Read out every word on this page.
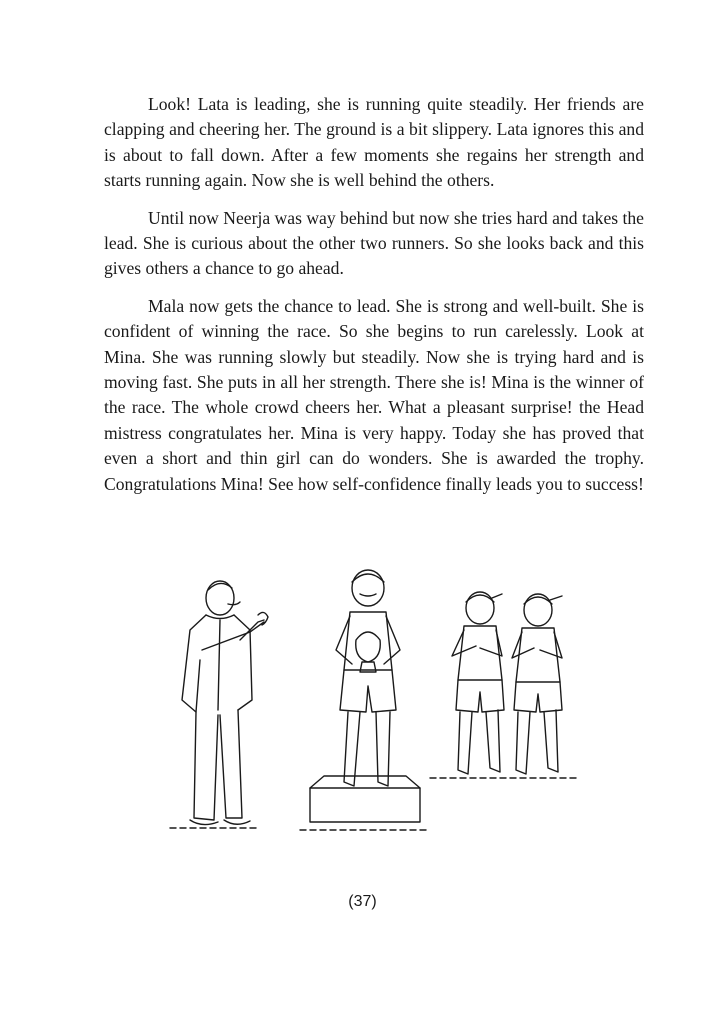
Look! Lata is leading, she is running quite steadily. Her friends are clapping and cheering her. The ground is a bit slippery. Lata ignores this and is about to fall down. After a few moments she regains her strength and starts running again. Now she is well behind the others.

Until now Neerja was way behind but now she tries hard and takes the lead. She is curious about the other two runners. So she looks back and this gives others a chance to go ahead.

Mala now gets the chance to lead. She is strong and well-built. She is confident of winning the race. So she begins to run carelessly. Look at Mina. She was running slowly but steadily. Now she is trying hard and is moving fast. She puts in all her strength. There she is! Mina is the winner of the race. The whole crowd cheers her. What a pleasant surprise! the Head mistress congratulates her. Mina is very happy. Today she has proved that even a short and thin girl can do wonders. She is awarded the trophy. Congratulations Mina! See how self-confidence finally leads you to success!

(37)
